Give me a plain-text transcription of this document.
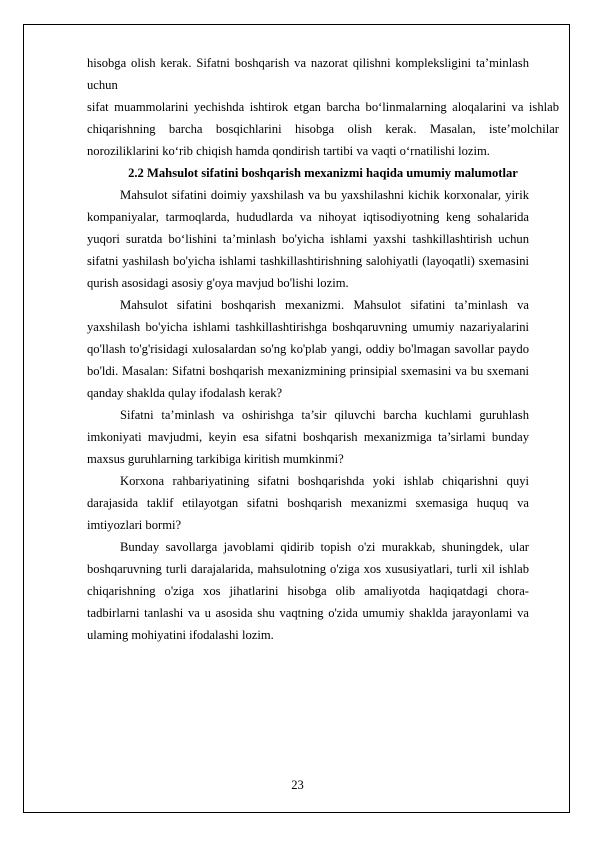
hisobga olish kerak. Sifatni boshqarish va nazorat qilishni kompleksligini ta’minlash uchun

sifat muammolarini yechishda ishtirok etgan barcha bo‘linmalarning aloqalarini va ishlab chiqarishning barcha bosqichlarini hisobga olish kerak. Masalan, iste’molchilar noroziliklarini ko‘rib chiqish hamda qondirish tartibi va vaqti o‘rnatilishi lozim.

2.2 Mahsulot sifatini boshqarish mexanizmi haqida umumiy malumotlar

Mahsulot sifatini doimiy yaxshilash va bu yaxshilashni kichik korxonalar, yirik kompaniyalar, tarmoqlarda, hududlarda va nihoyat iqtisodiyotning keng sohalarida yuqori suratda bo‘lishini ta’minlash bo'yicha ishlami yaxshi tashkillashtirish uchun sifatni yashilash bo'yicha ishlami tashkillashtirishning salohiyatli (layoqatli) sxemasini qurish asosidagi asosiy g'oya mavjud bo'lishi lozim.

Mahsulot sifatini boshqarish mexanizmi. Mahsulot sifatini ta’minlash va yaxshilash bo'yicha ishlami tashkillashtirishga boshqaruvning umumiy nazariyalarini qo'llash to'g'risidagi xulosalardan so'ng ko'plab yangi, oddiy bo'lmagan savollar paydo bo'ldi. Masalan: Sifatni boshqarish mexanizmining prinsipial sxemasini va bu sxemani qanday shaklda qulay ifodalash kerak?

Sifatni ta’minlash va oshirishga ta’sir qiluvchi barcha kuchlami guruhlash imkoniyati mavjudmi, keyin esa sifatni boshqarish mexanizmiga ta’sirlami bunday maxsus guruhlarning tarkibiga kiritish mumkinmi?

Korxona rahbariyatining sifatni boshqarishda yoki ishlab chiqarishni quyi darajasida taklif etilayotgan sifatni boshqarish mexanizmi sxemasiga huquq va imtiyozlari bormi?

Bunday savollarga javoblami qidirib topish o'zi murakkab, shuningdek, ular boshqaruvning turli darajalarida, mahsulotning o'ziga xos xususiyatlari, turli xil ishlab chiqarishning o'ziga xos jihatlarini hisobga olib amaliyotda haqiqatdagi chora-tadbirlarni tanlashi va u asosida shu vaqtning o'zida umumiy shaklda jarayonlami va ulaming mohiyatini ifodalashi lozim.

23
